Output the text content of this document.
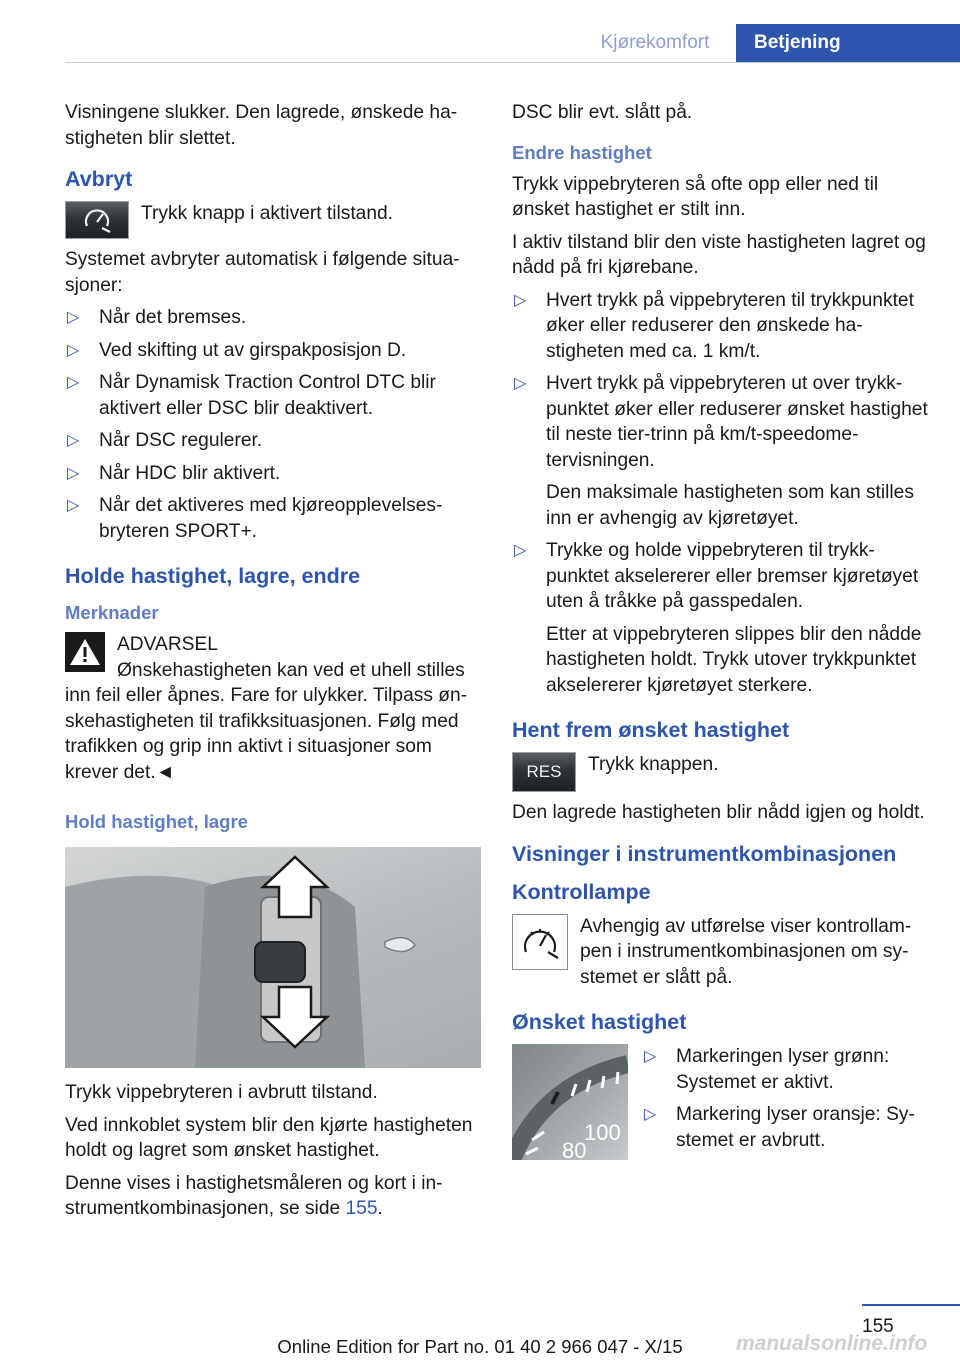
Kjørekomfort	Betjening

Visningene slukker. Den lagrede, ønskede hastigheten blir slettet.

Avbryt
Trykk knapp i aktivert tilstand.

Systemet avbryter automatisk i følgende situasjoner:

▷ Når det bremses.
▷ Ved skifting ut av girspakposisjon D.
▷ Når Dynamisk Traction Control DTC blir aktivert eller DSC blir deaktivert.
▷ Når DSC regulerer.
▷ Når HDC blir aktivert.
▷ Når det aktiveres med kjøreopplevelsesbryteren SPORT+.
Holde hastighet, lagre, endre
Merknader
ADVARSEL
Ønskehastigheten kan ved et uhell stilles inn feil eller åpnes. Fare for ulykker. Tilpass ønskehastigheten til trafikksituasjonen. Følg med trafikken og grip inn aktivt i situasjoner som krever det.◄
Hold hastighet, lagre

Trykk vippebryteren i avbrutt tilstand.

Ved innkoblet system blir den kjørte hastigheten holdt og lagret som ønsket hastighet.

Denne vises i hastighetsmåleren og kort i instrumentkombinasjonen, se side 155.

DSC blir evt. slått på.

Endre hastighet

Trykk vippebryteren så ofte opp eller ned til ønsket hastighet er stilt inn.

I aktiv tilstand blir den viste hastigheten lagret og nådd på fri kjørebane.

▷ Hvert trykk på vippebryteren til trykkpunktet øker eller reduserer den ønskede hastigheten med ca. 1 km/t.
▷ Hvert trykk på vippebryteren ut over trykkpunktet øker eller reduserer ønsket hastighet til neste tier-trinn på km/t-speedometervisningen.

Den maksimale hastigheten som kan stilles inn er avhengig av kjøretøyet.

▷ Trykke og holde vippebryteren til trykkpunktet akselererer eller bremser kjøretøyet uten å tråkke på gasspedalen.

Etter at vippebryteren slippes blir den nådde hastigheten holdt. Trykk utover trykkpunktet akselererer kjøretøyet sterkere.

Hent frem ønsket hastighet
RES	Trykk knappen.

Den lagrede hastigheten blir nådd igjen og holdt.

Visninger i instrumentkombinasjonen
Kontrollampe
Avhengig av utførelse viser kontrollampen i instrumentkombinasjonen om systemet er slått på.
Ønsket hastighet
100
80
▷ Markeringen lyser grønn: Systemet er aktivt.
▷ Markering lyser oransje: Systemet er avbrutt.
155
Online Edition for Part no. 01 40 2 966 047 - X/15	manualsonline.info
